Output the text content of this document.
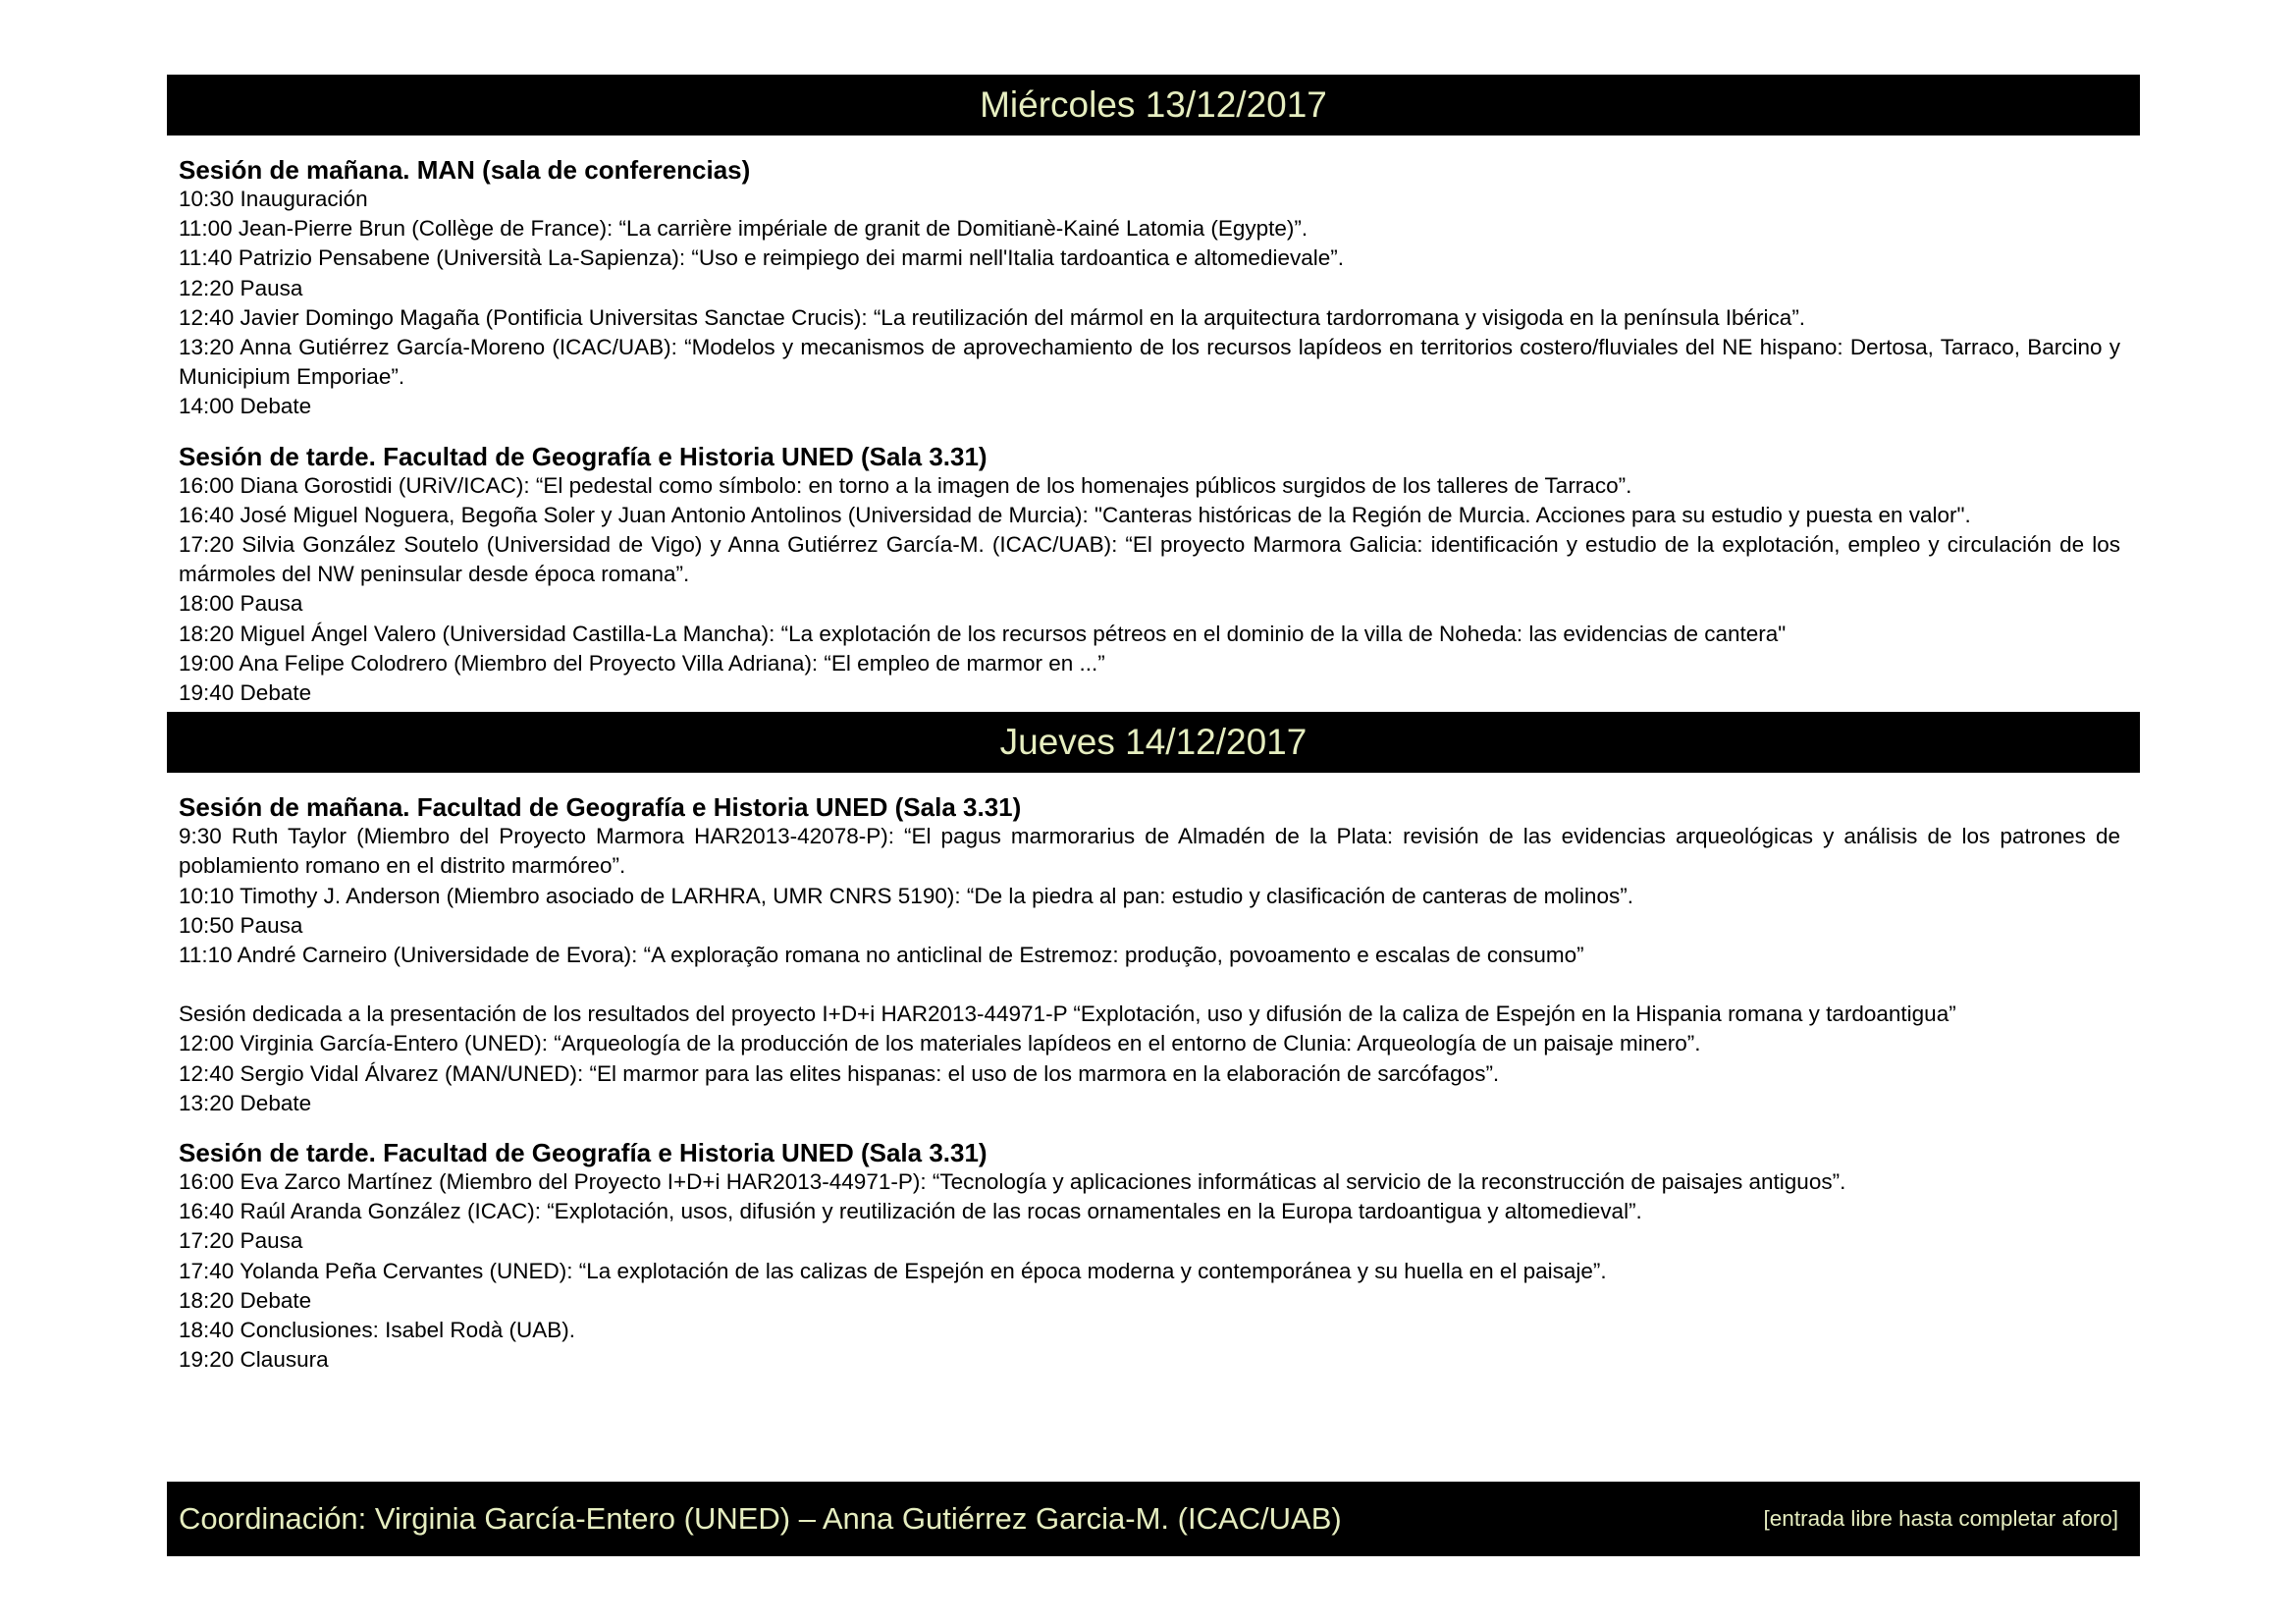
Miércoles 13/12/2017
Sesión de mañana. MAN (sala de conferencias)
10:30 Inauguración
11:00 Jean-Pierre Brun (Collège de France): “La carrière impériale de granit de Domitianè-Kainé Latomia (Egypte)”.
11:40 Patrizio Pensabene (Università La-Sapienza): “Uso e reimpiego dei marmi nell'Italia tardoantica e altomedievale”.
12:20 Pausa
12:40 Javier Domingo Magaña (Pontificia Universitas Sanctae Crucis): “La reutilización del mármol en la arquitectura tardorromana y visigoda en la península Ibérica”.
13:20 Anna Gutiérrez García-Moreno (ICAC/UAB): “Modelos y mecanismos de aprovechamiento de los recursos lapídeos en territorios costero/fluviales del NE hispano: Dertosa, Tarraco, Barcino y Municipium Emporiae”.
14:00 Debate
Sesión de tarde. Facultad de Geografía e Historia UNED (Sala 3.31)
16:00 Diana Gorostidi (URiV/ICAC): “El pedestal como símbolo: en torno a la imagen de los homenajes públicos surgidos de los talleres de Tarraco”.
16:40 José Miguel Noguera, Begoña Soler y Juan Antonio Antolinos (Universidad de Murcia): "Canteras históricas de la Región de Murcia. Acciones para su estudio y puesta en valor".
17:20 Silvia González Soutelo (Universidad de Vigo) y Anna Gutiérrez García-M. (ICAC/UAB): “El proyecto Marmora Galicia: identificación y estudio de la explotación, empleo y circulación de los mármoles del NW peninsular desde época romana”.
18:00 Pausa
18:20 Miguel Ángel Valero (Universidad Castilla-La Mancha): “La explotación de los recursos pétreos en el dominio de la villa de Noheda: las evidencias de cantera"
19:00 Ana Felipe Colodrero (Miembro del Proyecto Villa Adriana): “El empleo de marmor en ...”
19:40 Debate
Jueves 14/12/2017
Sesión de mañana. Facultad de Geografía e Historia UNED (Sala 3.31)
9:30 Ruth Taylor (Miembro del Proyecto Marmora HAR2013-42078-P): “El pagus marmorarius de Almadén de la Plata: revisión de las evidencias arqueológicas y análisis de los patrones de poblamiento romano en el distrito marmóreo”.
10:10 Timothy J. Anderson (Miembro asociado de LARHRA, UMR CNRS 5190): “De la piedra al pan: estudio y clasificación de canteras de molinos”.
10:50 Pausa
11:10 André Carneiro (Universidade de Evora): “A exploração romana no anticlinal de Estremoz: produção, povoamento e escalas de consumo”
Sesión dedicada a la presentación de los resultados del proyecto I+D+i HAR2013-44971-P “Explotación, uso y difusión de la caliza de Espejón en la Hispania romana y tardoantigua”
12:00 Virginia García-Entero (UNED): “Arqueología de la producción de los materiales lapídeos en el entorno de Clunia: Arqueología de un paisaje minero”.
12:40 Sergio Vidal Álvarez (MAN/UNED): “El marmor para las elites hispanas: el uso de los marmora en la elaboración de sarcófagos”.
13:20 Debate
Sesión de tarde. Facultad de Geografía e Historia UNED (Sala 3.31)
16:00 Eva Zarco Martínez (Miembro del Proyecto I+D+i HAR2013-44971-P): “Tecnología y aplicaciones informáticas al servicio de la reconstrucción de paisajes antiguos”.
16:40 Raúl Aranda González (ICAC): “Explotación, usos, difusión y reutilización de las rocas ornamentales en la Europa tardoantigua y altomedieval”.
17:20 Pausa
17:40 Yolanda Peña Cervantes (UNED): “La explotación de las calizas de Espejón en época moderna y contemporánea y su huella en el paisaje”.
18:20 Debate
18:40 Conclusiones: Isabel Rodà (UAB).
19:20 Clausura
Coordinación: Virginia García-Entero (UNED) – Anna Gutiérrez Garcia-M. (ICAC/UAB)	[entrada libre hasta completar aforo]
